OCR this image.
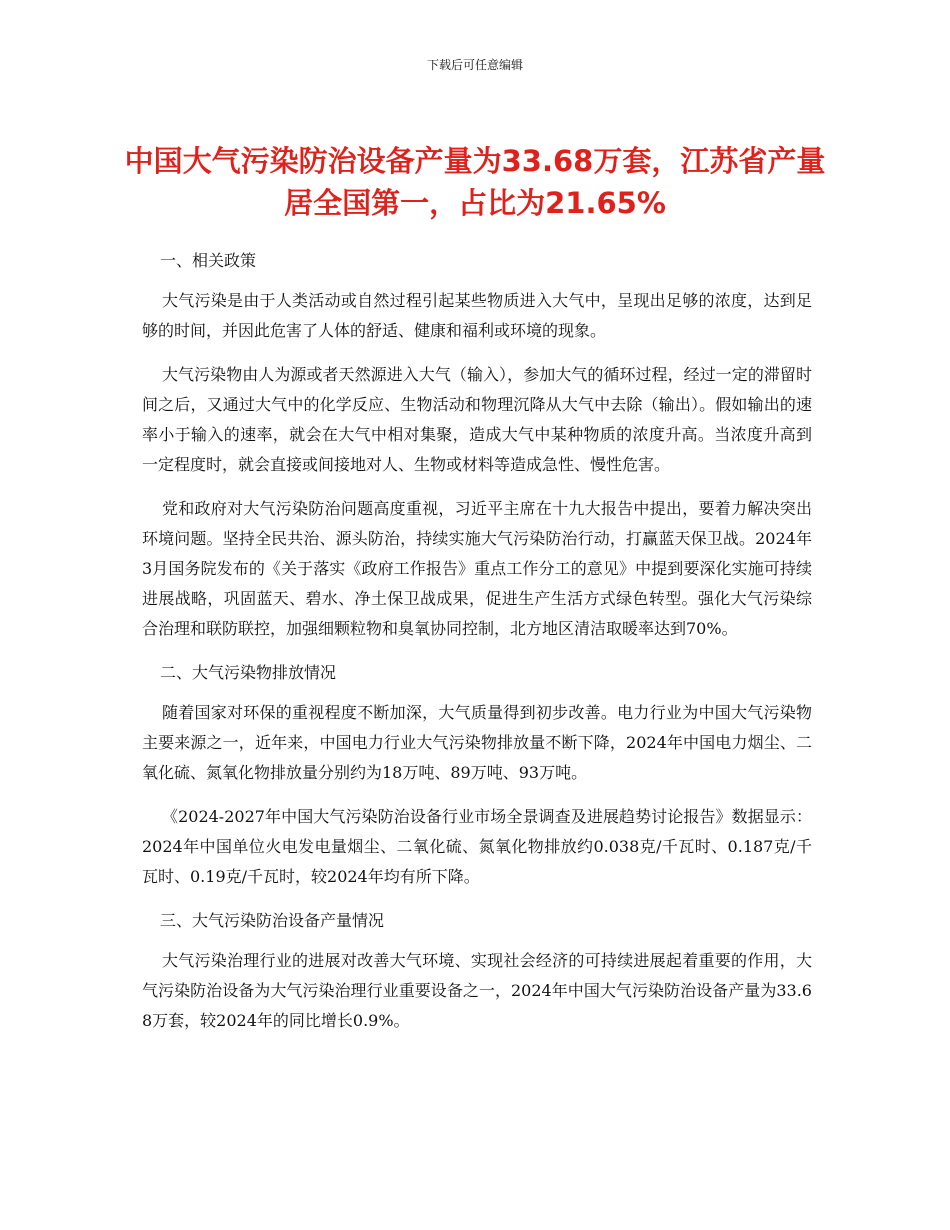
下载后可任意编辑
中国大气污染防治设备产量为33.68万套，江苏省产量居全国第一，占比为21.65%
一、相关政策

大气污染是由于人类活动或自然过程引起某些物质进入大气中，呈现出足够的浓度，达到足够的时间，并因此危害了人体的舒适、健康和福利或环境的现象。

大气污染物由人为源或者天然源进入大气（输入），参加大气的循环过程，经过一定的滞留时间之后，又通过大气中的化学反应、生物活动和物理沉降从大气中去除（输出）。假如输出的速率小于输入的速率，就会在大气中相对集聚，造成大气中某种物质的浓度升高。当浓度升高到一定程度时，就会直接或间接地对人、生物或材料等造成急性、慢性危害。

党和政府对大气污染防治问题高度重视，习近平主席在十九大报告中提出，要着力解决突出环境问题。坚持全民共治、源头防治，持续实施大气污染防治行动，打赢蓝天保卫战。2024年3月国务院发布的《关于落实《政府工作报告》重点工作分工的意见》中提到要深化实施可持续进展战略，巩固蓝天、碧水、净土保卫战成果，促进生产生活方式绿色转型。强化大气污染综合治理和联防联控，加强细颗粒物和臭氧协同控制，北方地区清洁取暖率达到70%。

二、大气污染物排放情况

随着国家对环保的重视程度不断加深，大气质量得到初步改善。电力行业为中国大气污染物主要来源之一，近年来，中国电力行业大气污染物排放量不断下降，2024年中国电力烟尘、二氧化硫、氮氧化物排放量分别约为18万吨、89万吨、93万吨。

《2024-2027年中国大气污染防治设备行业市场全景调查及进展趋势讨论报告》数据显示：2024年中国单位火电发电量烟尘、二氧化硫、氮氧化物排放约0.038克/千瓦时、0.187克/千瓦时、0.19克/千瓦时，较2024年均有所下降。

三、大气污染防治设备产量情况

大气污染治理行业的进展对改善大气环境、实现社会经济的可持续进展起着重要的作用，大气污染防治设备为大气污染治理行业重要设备之一，2024年中国大气污染防治设备产量为33.68万套，较2024年的同比增长0.9%。
